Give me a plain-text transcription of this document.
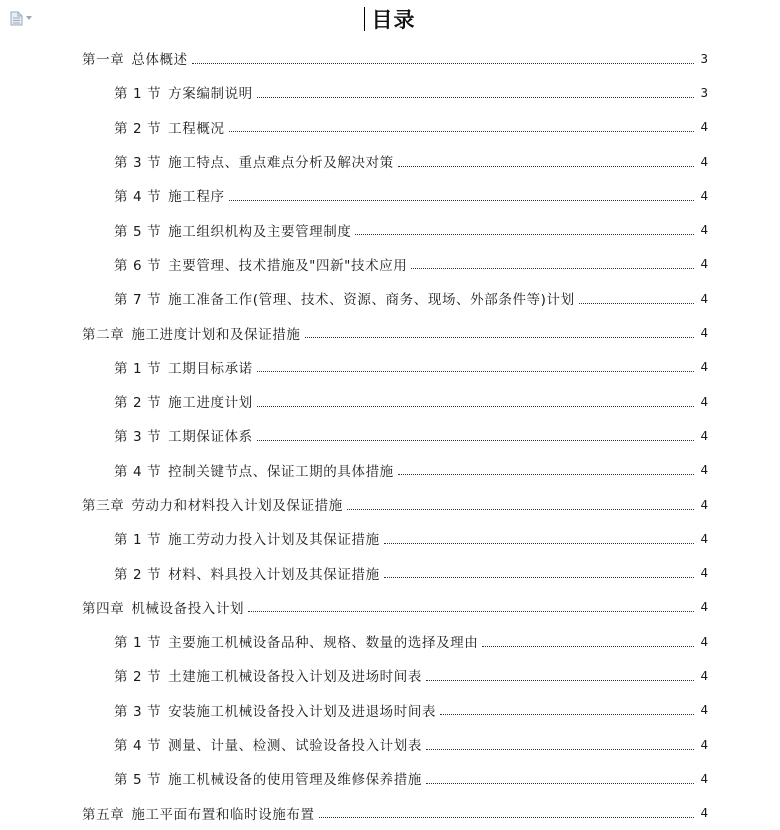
目录
第一章 总体概述	3
第 1 节 方案编制说明	3
第 2 节 工程概况	4
第 3 节 施工特点、重点难点分析及解决对策	4
第 4 节 施工程序	4
第 5 节 施工组织机构及主要管理制度	4
第 6 节 主要管理、技术措施及"四新"技术应用	4
第 7 节 施工准备工作(管理、技术、资源、商务、现场、外部条件等)计划	4
第二章 施工进度计划和及保证措施	4
第 1 节 工期目标承诺	4
第 2 节 施工进度计划	4
第 3 节 工期保证体系	4
第 4 节 控制关键节点、保证工期的具体措施	4
第三章 劳动力和材料投入计划及保证措施	4
第 1 节 施工劳动力投入计划及其保证措施	4
第 2 节 材料、料具投入计划及其保证措施	4
第四章 机械设备投入计划	4
第 1 节 主要施工机械设备品种、规格、数量的选择及理由	4
第 2 节 土建施工机械设备投入计划及进场时间表	4
第 3 节 安装施工机械设备投入计划及进退场时间表	4
第 4 节 测量、计量、检测、试验设备投入计划表	4
第 5 节 施工机械设备的使用管理及维修保养措施	4
第五章 施工平面布置和临时设施布置	4
